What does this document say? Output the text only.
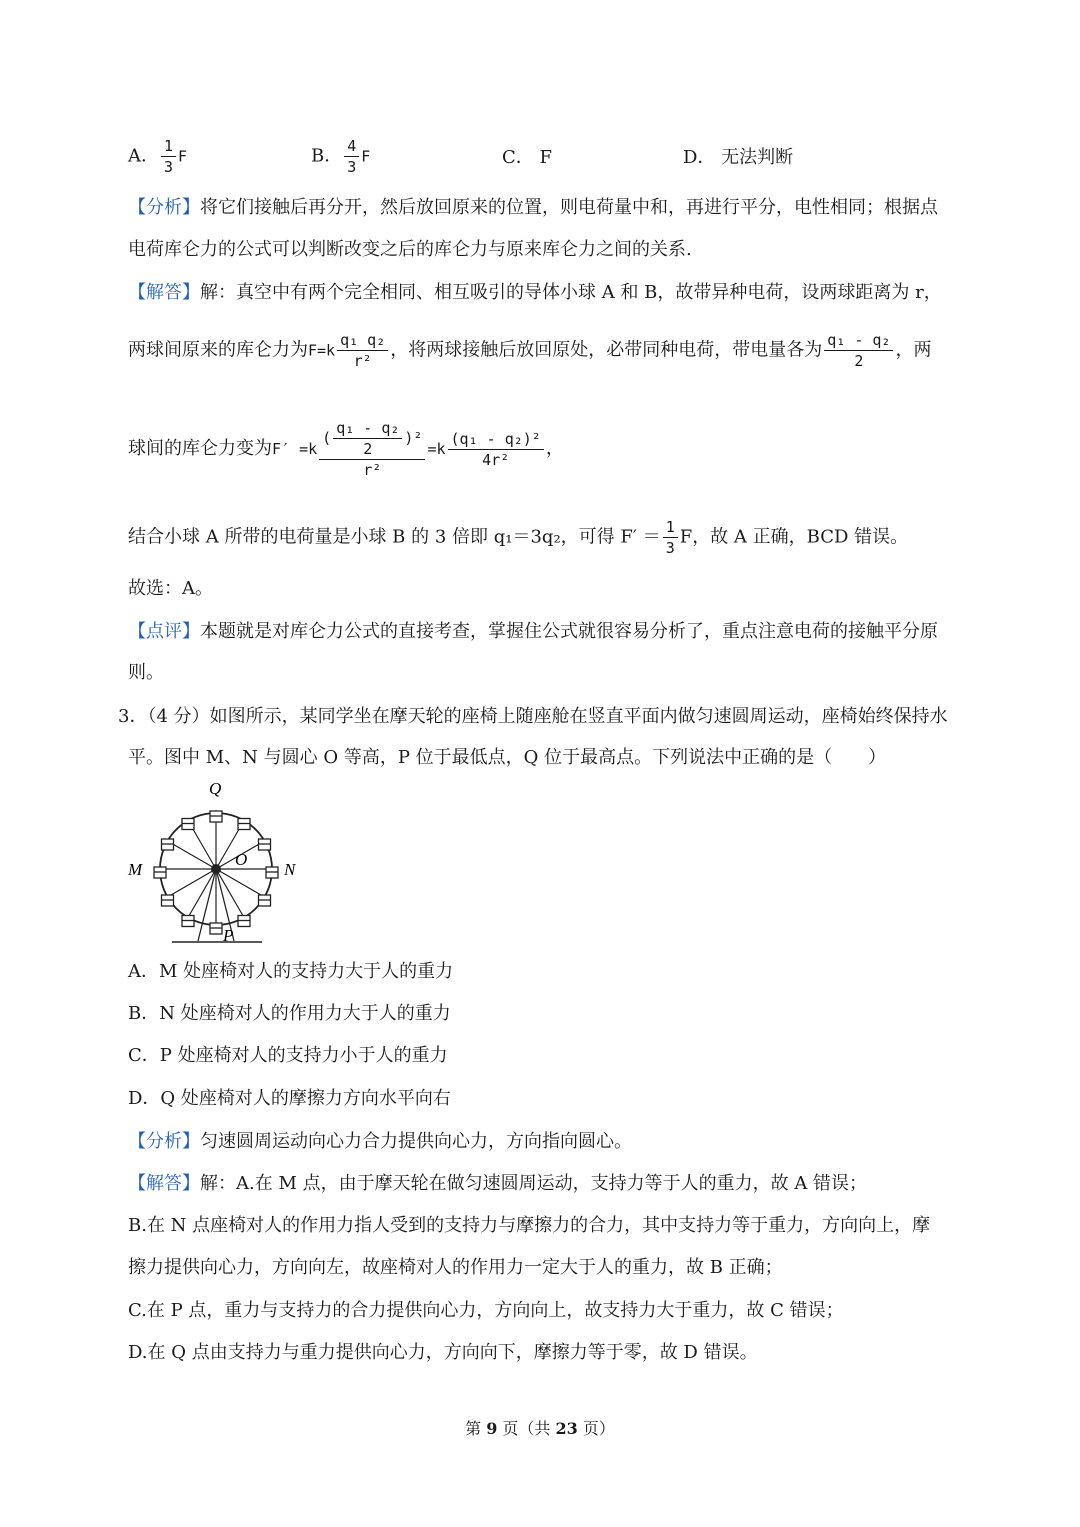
A． $\frac{1}{3}$ F	B． $\frac{4}{3}$ F	C． F	D． 无法判断
【分析】将它们接触后再分开，然后放回原来的位置，则电荷量中和，再进行平分，电性相同；根据点
电荷库仑力的公式可以判断改变之后的库仑力与原来库仑力之间的关系.
【解答】解：真空中有两个完全相同、相互吸引的导体小球 A 和 B，故带异种电荷，设两球距离为 r，
两球间原来的库仑力为$F=k \frac{\text{q₁ q₂}}{\text{r²}}$ ，将两球接触后放回原处，必带同种电荷，带电量各为 $\frac{\text{q₁ - q₂}}{2}$ ，两
球间的库仑力变为$F' =k \frac{( \frac{\text{q₁ - q₂}}{2} )^2}{\text{r²}} =k \frac{\text{(q₁ - q₂)²}}{\text{4r²}}$ ，
结合小球 A 所带的电荷量是小球 B 的 3 倍即 q₁＝3q₂，可得 $F' = \frac{1}{3}$ F，故 A 正确，BCD 错误。
故选：A。
【点评】本题就是对库仑力公式的直接考查，掌握住公式就很容易分析了，重点注意电荷的接触平分原
则。
3．（4 分）如图所示，某同学坐在摩天轮的座椅上随座舱在竖直平面内做匀速圆周运动，座椅始终保持水
平。图中 M、N 与圆心 O 等高，P 位于最低点，Q 位于最高点。下列说法中正确的是（　　）
Q
M	N
O
P
A．M 处座椅对人的支持力大于人的重力
B．N 处座椅对人的作用力大于人的重力
C．P 处座椅对人的支持力小于人的重力
D．Q 处座椅对人的摩擦力方向水平向右
【分析】匀速圆周运动向心力合力提供向心力，方向指向圆心。
【解答】解：A.在 M 点，由于摩天轮在做匀速圆周运动，支持力等于人的重力，故 A 错误；
B.在 N 点座椅对人的作用力指人受到的支持力与摩擦力的合力，其中支持力等于重力，方向向上，摩
擦力提供向心力，方向向左，故座椅对人的作用力一定大于人的重力，故 B 正确；
C.在 P 点，重力与支持力的合力提供向心力，方向向上，故支持力大于重力，故 C 错误；
D.在 Q 点由支持力与重力提供向心力，方向向下，摩擦力等于零，故 D 错误。
第 9 页（共 23 页）
